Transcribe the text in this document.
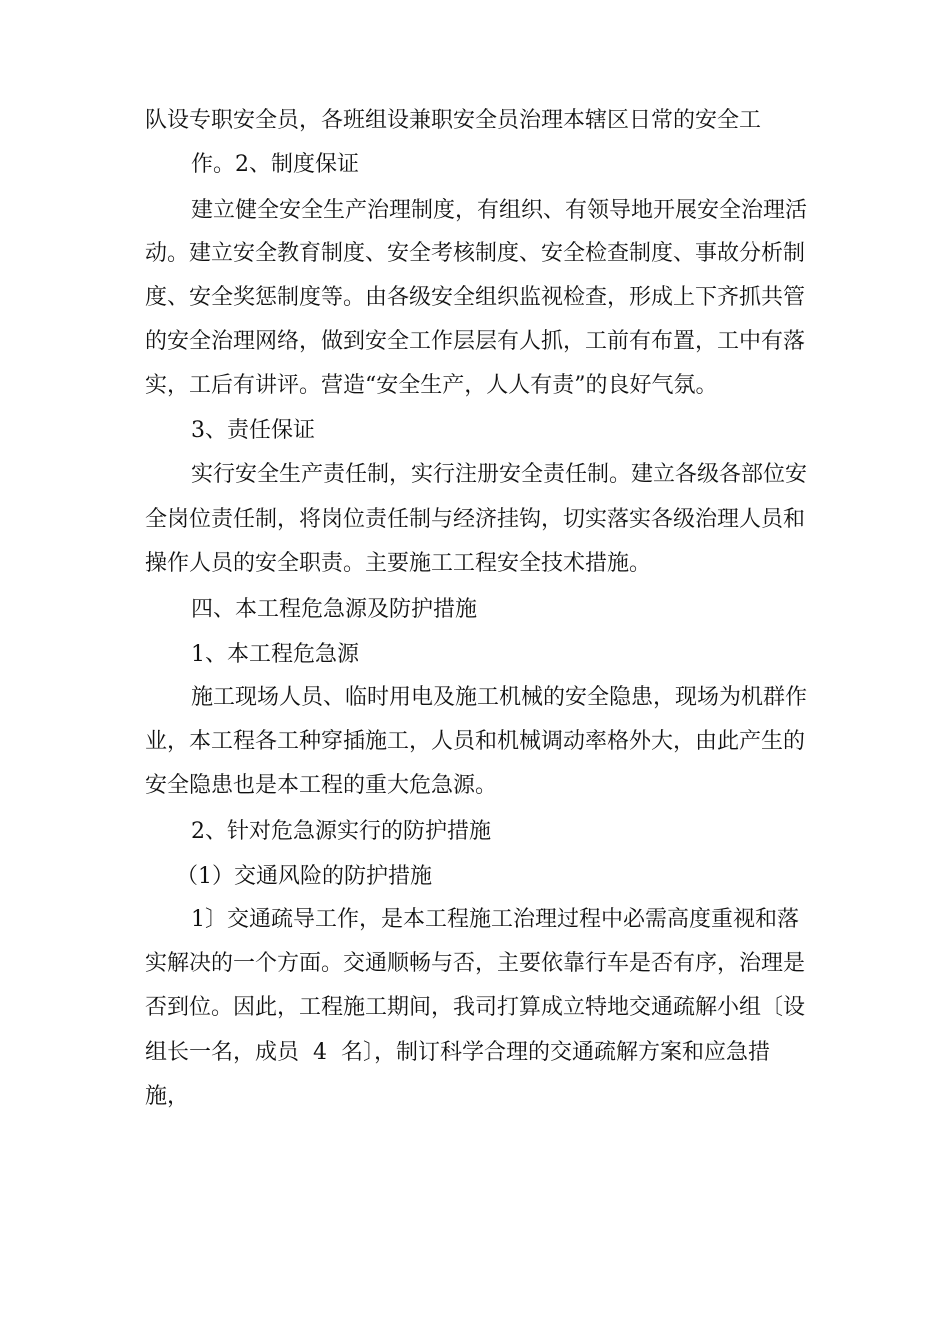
队设专职安全员，各班组设兼职安全员治理本辖区日常的安全工
作。2、制度保证
建立健全安全生产治理制度，有组织、有领导地开展安全治理活
动。建立安全教育制度、安全考核制度、安全检查制度、事故分析制
度、安全奖惩制度等。由各级安全组织监视检查，形成上下齐抓共管
的安全治理网络，做到安全工作层层有人抓，工前有布置，工中有落
实，工后有讲评。营造“安全生产，人人有责”的良好气氛。
3、责任保证
实行安全生产责任制，实行注册安全责任制。建立各级各部位安
全岗位责任制，将岗位责任制与经济挂钩，切实落实各级治理人员和
操作人员的安全职责。主要施工工程安全技术措施。
四、本工程危急源及防护措施
1、本工程危急源
施工现场人员、临时用电及施工机械的安全隐患，现场为机群作
业，本工程各工种穿插施工，人员和机械调动率格外大，由此产生的
安全隐患也是本工程的重大危急源。
2、针对危急源实行的防护措施
（1）交通风险的防护措施
1〕交通疏导工作，是本工程施工治理过程中必需高度重视和落
实解决的一个方面。交通顺畅与否，主要依靠行车是否有序，治理是
否到位。因此，工程施工期间，我司打算成立特地交通疏解小组〔设
组长一名，成员  4  名〕，制订科学合理的交通疏解方案和应急措
施，
